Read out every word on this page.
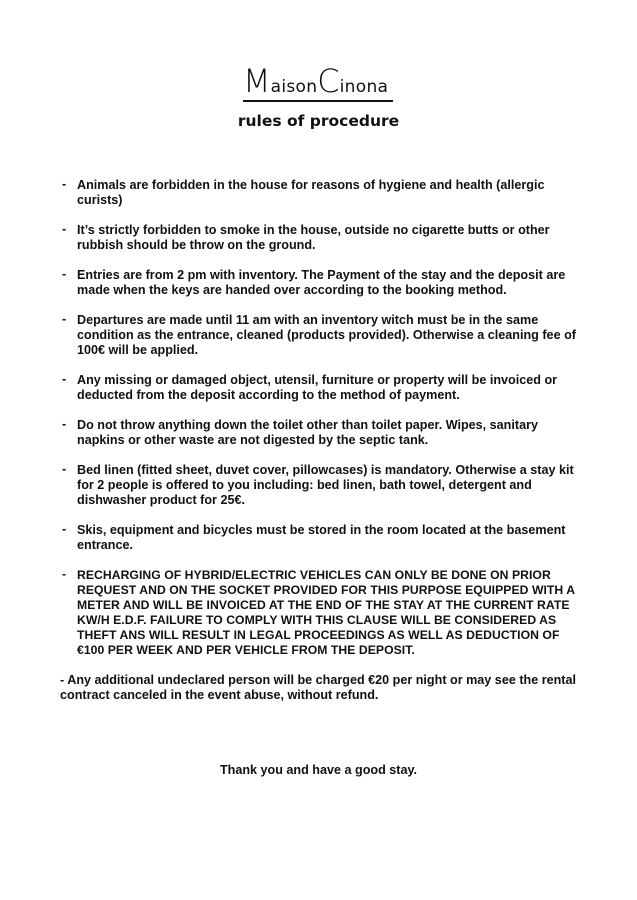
MaisonCinona
rules of procedure
- Animals are forbidden in the house for reasons of hygiene and health (allergic curists)
- It’s strictly forbidden to smoke in the house, outside no cigarette butts or other rubbish should be throw on the ground.
- Entries are from 2 pm with inventory. The Payment of the stay and the deposit are made when the keys are handed over according to the booking method.
- Departures are made until 11 am with an inventory witch must be in the same condition as the entrance, cleaned (products provided). Otherwise a cleaning fee of 100€ will be applied.
- Any missing or damaged object, utensil, furniture or property will be invoiced or deducted from the deposit according to the method of payment.
- Do not throw anything down the toilet other than toilet paper. Wipes, sanitary napkins or other waste are not digested by the septic tank.
- Bed linen (fitted sheet, duvet cover, pillowcases) is mandatory. Otherwise a stay kit for 2 people is offered to you including: bed linen, bath towel, detergent and dishwasher product for 25€.
- Skis, equipment and bicycles must be stored in the room located at the basement entrance.
- RECHARGING OF HYBRID/ELECTRIC VEHICLES CAN ONLY BE DONE ON PRIOR REQUEST AND ON THE SOCKET PROVIDED FOR THIS PURPOSE EQUIPPED WITH A METER AND WILL BE INVOICED AT THE END OF THE STAY AT THE CURRENT RATE KW/H E.D.F. FAILURE TO COMPLY WITH THIS CLAUSE WILL BE CONSIDERED AS THEFT ANS WILL RESULT IN LEGAL PROCEEDINGS AS WELL AS DEDUCTION OF €100 PER WEEK AND PER VEHICLE FROM THE DEPOSIT.
- Any additional undeclared person will be charged €20 per night or may see the rental contract canceled in the event abuse, without refund.
Thank you and have a good stay.
